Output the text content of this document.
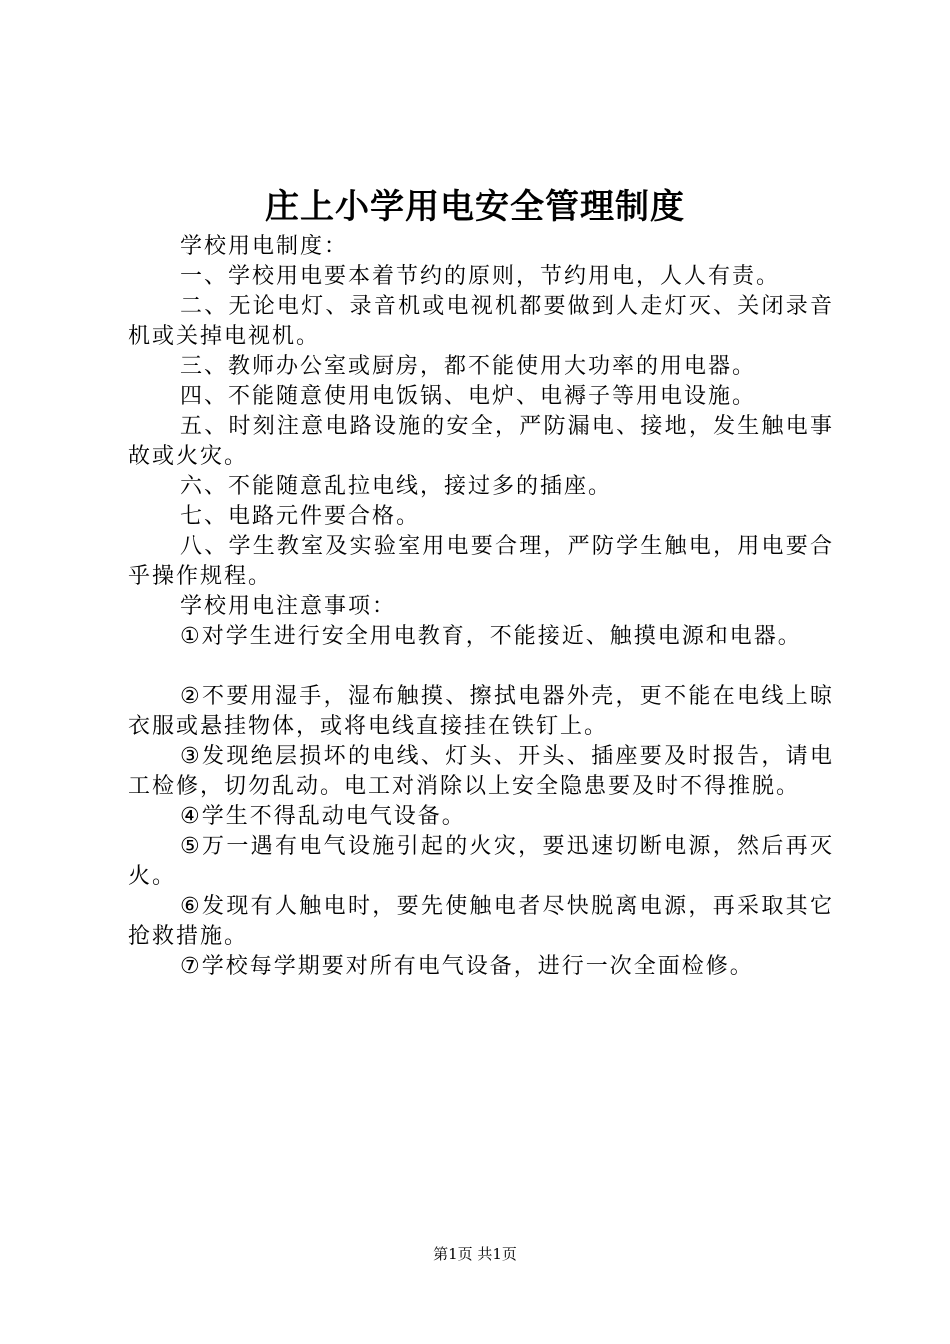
庄上小学用电安全管理制度

学校用电制度：

一、学校用电要本着节约的原则，节约用电，人人有责。

二、无论电灯、录音机或电视机都要做到人走灯灭、关闭录音机或关掉电视机。

三、教师办公室或厨房，都不能使用大功率的用电器。

四、不能随意使用电饭锅、电炉、电褥子等用电设施。

五、时刻注意电路设施的安全，严防漏电、接地，发生触电事故或火灾。

六、不能随意乱拉电线，接过多的插座。

七、电路元件要合格。

八、学生教室及实验室用电要合理，严防学生触电，用电要合乎操作规程。

学校用电注意事项：

①对学生进行安全用电教育，不能接近、触摸电源和电器。

②不要用湿手，湿布触摸、擦拭电器外壳，更不能在电线上晾衣服或悬挂物体，或将电线直接挂在铁钉上。

③发现绝层损坏的电线、灯头、开头、插座要及时报告，请电工检修，切勿乱动。电工对消除以上安全隐患要及时不得推脱。

④学生不得乱动电气设备。

⑤万一遇有电气设施引起的火灾，要迅速切断电源，然后再灭火。

⑥发现有人触电时，要先使触电者尽快脱离电源，再采取其它抢救措施。

⑦学校每学期要对所有电气设备，进行一次全面检修。

第1页 共1页
